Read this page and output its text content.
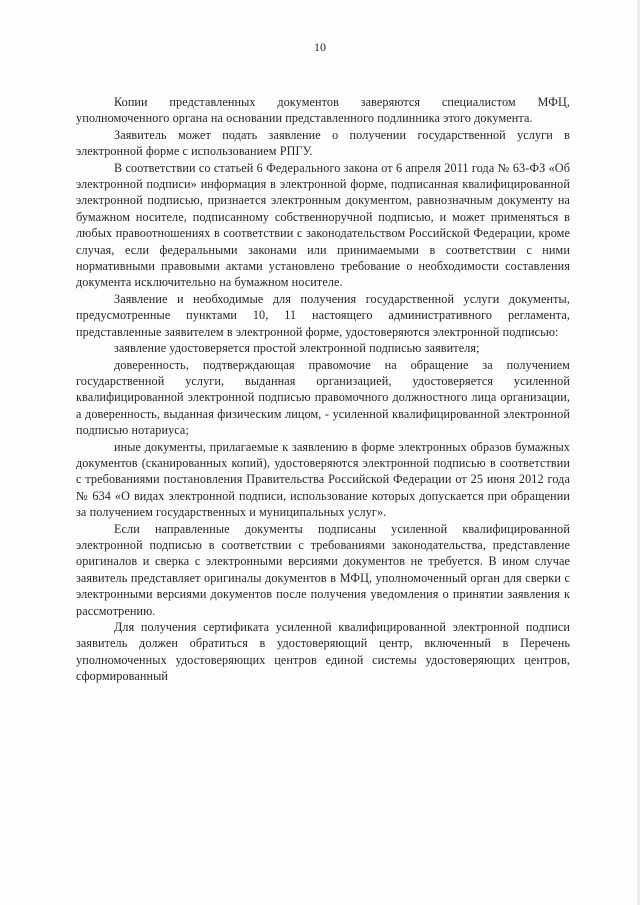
10

Копии представленных документов заверяются специалистом МФЦ, уполномоченного органа на основании представленного подлинника этого документа.

Заявитель может подать заявление о получении государственной услуги в электронной форме с использованием РПГУ.

В соответствии со статьей 6 Федерального закона от 6 апреля 2011 года № 63-ФЗ «Об электронной подписи» информация в электронной форме, подписанная квалифицированной электронной подписью, признается электронным документом, равнозначным документу на бумажном носителе, подписанному собственноручной подписью, и может применяться в любых правоотношениях в соответствии с законодательством Российской Федерации, кроме случая, если федеральными законами или принимаемыми в соответствии с ними нормативными правовыми актами установлено требование о необходимости составления документа исключительно на бумажном носителе.

Заявление и необходимые для получения государственной услуги документы, предусмотренные пунктами 10, 11 настоящего административного регламента, представленные заявителем в электронной форме, удостоверяются электронной подписью:

заявление удостоверяется простой электронной подписью заявителя;

доверенность, подтверждающая правомочие на обращение за получением государственной услуги, выданная организацией, удостоверяется усиленной квалифицированной электронной подписью правомочного должностного лица организации, а доверенность, выданная физическим лицом, - усиленной квалифицированной электронной подписью нотариуса;

иные документы, прилагаемые к заявлению в форме электронных образов бумажных документов (сканированных копий), удостоверяются электронной подписью в соответствии с требованиями постановления Правительства Российской Федерации от 25 июня 2012 года № 634 «О видах электронной подписи, использование которых допускается при обращении за получением государственных и муниципальных услуг».

Если направленные документы подписаны усиленной квалифицированной электронной подписью в соответствии с требованиями законодательства, представление оригиналов и сверка с электронными версиями документов не требуется. В ином случае заявитель представляет оригиналы документов в МФЦ, уполномоченный орган для сверки с электронными версиями документов после получения уведомления о принятии заявления к рассмотрению.

Для получения сертификата усиленной квалифицированной электронной подписи заявитель должен обратиться в удостоверяющий центр, включенный в Перечень уполномоченных удостоверяющих центров единой системы удостоверяющих центров, сформированный
